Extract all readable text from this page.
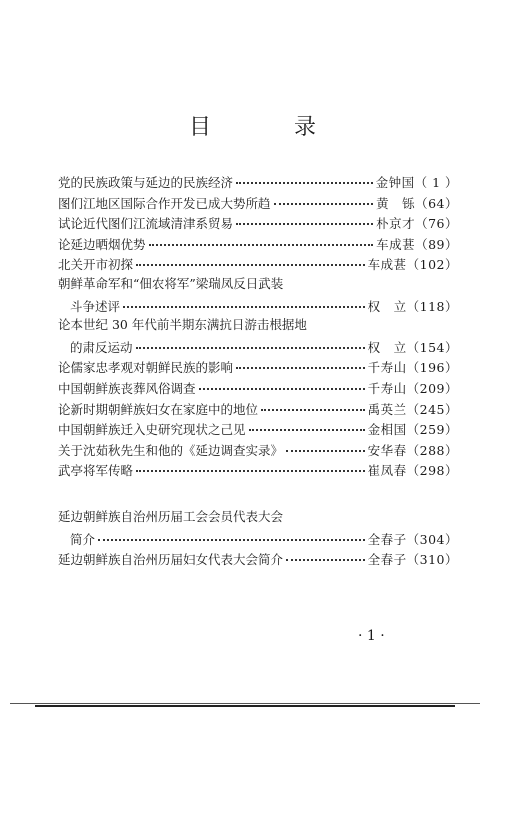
目 录
党的民族政策与延边的民族经济	金钟国（ 1 ）
图们江地区国际合作开发已成大势所趋	黄　铄（64）
试论近代图们江流域清津系贸易	朴京才（76）
论延边晒烟优势	车成葚（89）
北关开市初探	车成葚（102）
朝鲜革命军和“佃农将军”梁瑞凤反日武装
斗争述评	权　立（118）
论本世纪 30 年代前半期东满抗日游击根据地
的肃反运动	权　立（154）
论儒家忠孝观对朝鲜民族的影响	千寿山（196）
中国朝鲜族丧葬风俗调查	千寿山（209）
论新时期朝鲜族妇女在家庭中的地位	禹英兰（245）
中国朝鲜族迁入史研究现状之己见	金相国（259）
关于沈茹秋先生和他的《延边调查实录》	安华春（288）
武亭将军传略	崔凤春（298）
延边朝鲜族自治州历届工会会员代表大会
简介	全春子（304）
延边朝鲜族自治州历届妇女代表大会简介	全春子（310）
· 1 ·
